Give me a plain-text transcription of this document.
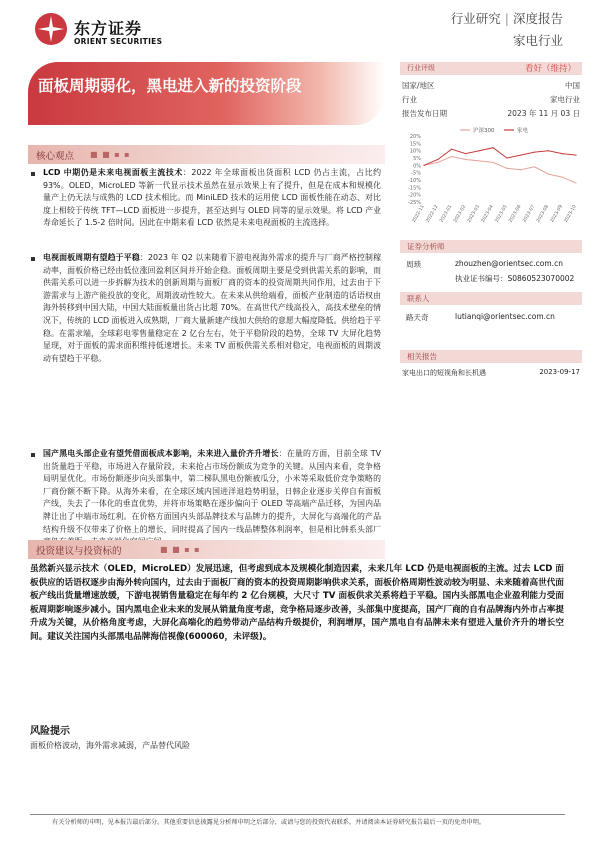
东方证券
ORIENT SECURITIES
行业研究 | 深度报告
家电行业
面板周期弱化，黑电进入新的投资阶段
行业评级	看好（维持）
国家/地区	中国
行业	家电行业
报告发布日期	2023 年 11 月 03 日
20%
15%
10%
5%
0%
-5%
-10%
-15%
-20%
-25%
2022-11 2022-12 2023-01 2023-02 2023-03 2023-04 2023-05 2023-06 2023-07 2023-08 2023-09 2023-10
沪深300	家电
核心观点 ■ ■ ▪ ▪
LCD 中期仍是未来电视面板主流技术：2022 年全球面板出货面积 LCD 仍占主流，占比约 93%。OLED，MicroLED 等新一代显示技术虽然在显示效果上有了提升，但是在成本和规模化量产上仍无法与成熟的 LCD 技术相比。而 MiniLED 技术的运用使 LCD 面板性能在动态、对比度上相较于传统 TFT—LCD 面板进一步提升，甚至达到与 OLED 同等的显示效果。将 LCD 产业寿命延长了 1.5-2 倍时间。因此在中期来看 LCD 依然是未来电视面板的主流选择。
电视面板周期有望趋于平稳：2023 年 Q2 以来随着下游电视海外需求的提升与厂商严格控制稼动率，面板价格已经由低位涨回盈利区间并开始企稳。面板周期主要是受到供需关系的影响，而供需关系可以进一步拆解为技术的创新周期与面板厂商的资本的投资周期共同作用，过去由于下游需求与上游产能投放的变化，周期波动性较大。在未来从供给端看，面板产业制造的话语权由海外转移到中国大陆，中国大陆面板量出货占比超 70%。在高世代产线高投入，高技术壁垒的情况下，传统的 LCD 面板进入成熟期，厂商大量新建产线加大供给的意愿大幅度降低。供给趋于平稳。在需求端，全球彩电零售量稳定在 2 亿台左右，处于平稳阶段的趋势，全球 TV 大屏化趋势显现，对于面板的需求面积维持低速增长。未来 TV 面板供需关系相对稳定，电视面板的周期波动有望趋于平稳。
国产黑电头部企业有望凭借面板成本影响，未来进入量价齐升增长：在量的方面，目前全球 TV 出货量趋于平稳，市场进入存量阶段，未来抢占市场份额成为竞争的关键。从国内来看，竞争格局明显优化。市场份额逐步向头部集中，第二梯队黑电份额被瓜分，小米等采取低价竞争策略的厂商份额不断下降。从海外来看，在全球区域内国进洋退趋势明显，日韩企业逐步关停自有面板产线，失去了一体化的垂直优势，并将市场策略在逐步偏向于 OLED 等高端产品迁移，为国内品牌让出了中端市场红利。在价格方面国内头部品牌技术与品牌力的提升，大屏化与高端化的产品结构升级不仅带来了价格上的增长，同时提高了国内一线品牌整体利润率，但是相比韩系头部厂
证券分析师
周琐	zhouzhen@orientsec.com.cn
执业证书编号：S0860523070002
联系人
路天奇	lutianqi@orientsec.com.cn
相关报告
家电出口的短视角和长机遇	2023-09-17
投资建议与投资标的	■ ■ ▪ ▪
虽然新兴显示技术（OLED，MicroLED）发展迅速，但考虑到成本及规模化制造因素，未来几年 LCD 仍是电视面板的主流。过去 LCD 面板供应的话语权逐步由海外转向国内，过去由于面板厂商的资本的投资周期影响供求关系，面板价格周期性波动较为明显、未来随着高世代面板产线出货量增速放缓，下游电视销售量稳定在每年约 2 亿台规模，大尺寸 TV 面板供求关系将趋于平稳。国内头部黑电企业盈利能力受面板周期影响逐步减小。国内黑电企业未来的发展从销量角度考虑，竞争格局逐步改善，头部集中度提高，国产厂商的自有品牌海内外市占率提升成为关键，从价格角度考虑，大屏化高端化的趋势带动产品结构升级提价，利润增厚，国产黑电自有品牌未来有望进入量价齐升的增长空间。建议关注国内头部黑电品牌海信视像(600060，未评级)。
风险提示
面板价格波动，海外需求减弱，产品替代风险
有关分析师的申明，见本报告最后部分。其他重要信息披露见分析师申明之后部分，或请与您的投资代表联系。并请阅读本证券研究报告最后一页的免责申明。
